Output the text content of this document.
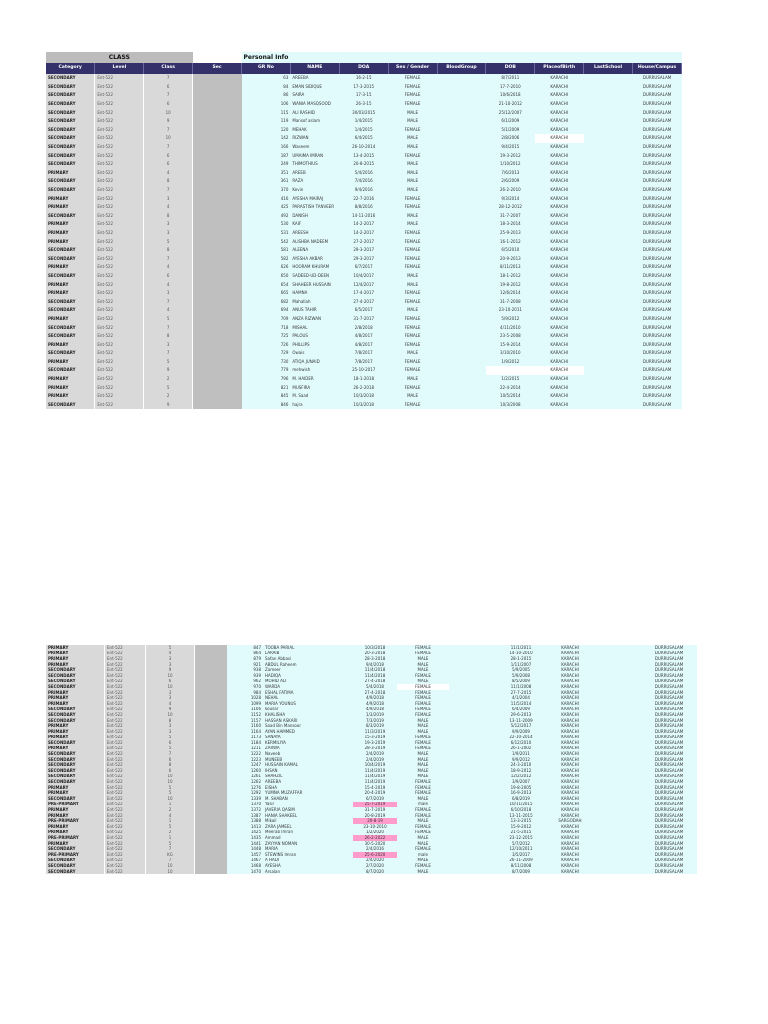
CLASS				Personal Info								
Category	Level	Class	Sec	GR No	NAME	DOA	Sex / Gender	BloodGroup	DOB	PlaceofBirth	LastSchool	House/Campus
SECONDARY	Ent-522	7		63	AREEBA	16-2-15	FEMALE		8/7/2011	KARACHI		DURRUSALAM
SECONDARY	Ent-522	6		84	EMAN SIDIQUE	17-3-2015	FEMALE		17-7-2010	KARACHI		DURRUSALAM
SECONDARY	Ent-522	7		86	SAIRA	17-3-15	FEMALE		10/6/2018	KARACHI		DURRUSALAM
SECONDARY	Ent-522	6		106	WANIA MASQSOOD	26-3-15	FEMALE		21-10-2012	KARACHI		DURRUSALAM
SECONDARY	Ent-522	10		115	ALI RASHID	30/03/2015	MALE		25/12/2007	KARACHI		DURRUSALAM
SECONDARY	Ent-522	9		119	Mansof aslam	1/4/2015	MALE		6/1/2009	KARACHI		DURRUSALAM
SECONDARY	Ent-522	7		120	MEHAK	1/4/2015	FEMALE		5/1/2009	KARACHI		DURRUSALAM
SECONDARY	Ent-522	10		142	RIZWAN	6/4/2015	MALE		2/8/2006	KARACHI		DURRUSALAM
SECONDARY	Ent-522	7		166	Waseem	26-10-2014	MALE		9/4/2015	KARACHI		DURRUSALAM
SECONDARY	Ent-522	6		187	UMAIMA IMRAN	13-4-2015	FEMALE		19-3-2012	KARACHI		DURRUSALAM
SECONDARY	Ent-522	6		249	THIMOTHIUS	20-8-2015	MALE		1/10/2012	KARACHI		DURRUSALAM
PRIMARY	Ent-522	4		351	AREEB	5/4/2016	MALE		7/6/2013	KARACHI		DURRUSALAM
SECONDARY	Ent-522	8		361	RAZA	7/4/2016	MALE		2/6/2009	KARACHI		DURRUSALAM
SECONDARY	Ent-522	7		370	Kevin	9/4/2016	MALE		26-2-2010	KARACHI		DURRUSALAM
PRIMARY	Ent-522	3		416	AYESHA MAIRAJ	22-7-2016	FEMALE		9/3/2014	KARACHI		DURRUSALAM
PRIMARY	Ent-522	4		425	PARASTISH TANVEER	8/8/2016	FEMALE		28-12-2012	KARACHI		DURRUSALAM
SECONDARY	Ent-522	8		492	DANISH	14-11-2016	MALE		31-7-2007	KARACHI		DURRUSALAM
PRIMARY	Ent-522	3		530	KAIF	14-2-2017	MALE		18-3-2014	KARACHI		DURRUSALAM
PRIMARY	Ent-522	3		531	AREESH	14-2-2017	FEMALE		25-9-2013	KARACHI		DURRUSALAM
PRIMARY	Ent-522	5		542	ALISHBA NADEEM	27-2-2017	FEMALE		16-1-2012	KARACHI		DURRUSALAM
SECONDARY	Ent-522	8		581	ALEENA	29-3-2017	FEMALE		6/5/2010	KARACHI		DURRUSALAM
SECONDARY	Ent-522	7		582	AYESHA AKBAR	29-3-2017	FEMALE		20-9-2013	KARACHI		DURRUSALAM
PRIMARY	Ent-522	4		626	HOORAM KHURAM	6/7/2017	FEMALE		8/11/2013	KARACHI		DURRUSALAM
SECONDARY	Ent-522	6		650	SADEED-UD-DEEN	10/4/2017	MALE		18-1-2012	KARACHI		DURRUSALAM
PRIMARY	Ent-522	4		654	SHAHEER HUSSAIN	12/4/2017	MALE		19-8-2012	KARACHI		DURRUSALAM
PRIMARY	Ent-522	3		665	HAMNA	17-4-2017	FEMALE		12/6/2014	KARACHI		DURRUSALAM
SECONDARY	Ent-522	7		682	Mahallah	27-4-2017	FEMALE		31-7-2008	KARACHI		DURRUSALAM
SECONDARY	Ent-522	4		694	ANUS TAHIR	6/5/2017	MALE		23-10-2011	KARACHI		DURRUSALAM
PRIMARY	Ent-522	5		709	ANZA RIZWAN	31-7-2017	FEMALE		5/9/2012	KARACHI		DURRUSALAM
SECONDARY	Ent-522	7		718	MISHAL	2/8/2018	FEMALE		4/11/2010	KARACHI		DURRUSALAM
SECONDARY	Ent-522	8		725	PALOUS	4/8/2017	FEMALE		23-5-2008	KARACHI		DURRUSALAM
PRIMARY	Ent-522	3		726	PHILLIPS	4/8/2017	FEMALE		15-9-2014	KARACHI		DURRUSALAM
SECONDARY	Ent-522	7		729	Owais	7/8/2017	MALE		3/10/2010	KARACHI		DURRUSALAM
PRIMARY	Ent-522	5		730	ATIQA JUNAID	7/8/2017	FEMALE		1/9/2012	KARACHI		DURRUSALAM
SECONDARY	Ent-522	9		779	mehwish	25-10-2017	FEMALE			KARACHI		DURRUSALAM
PRIMARY	Ent-522	2		796	M. HAIDER	18-1-2018	MALE		1/2/2015	KARACHI		DURRUSALAM
PRIMARY	Ent-522	5		821	MUSFIRA	26-2-2018	FEMALE		22-4-2014	KARACHI		DURRUSALAM
PRIMARY	Ent-522	2		845	M. Saad	10/3/2018	MALE		10/5/2014	KARACHI		DURRUSALAM
SECONDARY	Ent-522	9		846	hajra	10/3/2018	FEMALE		10/3/2008	KARACHI		DURRUSALAM
PRIMARY	Ent-522	5		847	TOOBA PARIAL	10/3/2018	FEMALE		11/1/2011	KARACHI		DURRUSALAM
PRIMARY	Ent-522	4		864	LARAIB	20-3-2018	FEMALE		14-10-2010	KARACHI		DURRUSALAM
PRIMARY	Ent-522	3		879	Safan Abbasi	28-3-2018	MALE		28-1-2015	KARACHI		DURRUSALAM
PRIMARY	Ent-522	3		921	ABDUL Raheem	9/4/2018	MALE		1/11/2007	KARACHI		DURRUSALAM
SECONDARY	Ent-522	9		938	Zameer	11/4/2018	MALE		5/9/2005	KARACHI		DURRUSALAM
SECONDARY	Ent-522	10		939	HADIQA	11/4/2018	FEMALE		5/9/2008	KARACHI		DURRUSALAM
SECONDARY	Ent-522	6		962	MOHID ALI	27-4-2018	MALE		8/5/2009	KARACHI		DURRUSALAM
SECONDARY	Ent-522	10		970	WARDA	5/4/2018	FEMALE		11/1/2008	KARACHI		DURRUSALAM
PRIMARY	Ent-522	3		984	ESHAL FATIMA	27-4-2018	FEMALE		27-7-2015	KARACHI		DURRUSALAM
PRIMARY	Ent-522	3		1028	NEHAL	4/9/2018	FEMALE		4/1/2004	KARACHI		DURRUSALAM
PRIMARY	Ent-522	4		1099	MARIA YOUNUS	4/9/2018	FEMALE		11/5/2014	KARACHI		DURRUSALAM
SECONDARY	Ent-522	9		1106	kousar	4/9/2018	FEMALE		6/4/2009	KARACHI		DURRUSALAM
SECONDARY	Ent-522	10		1152	KHALISHA	1/3/2019	FEMALE		29-6-2013	KARACHI		DURRUSALAM
SECONDARY	Ent-522	8		1157	HASSAN ASKARI	7/3/2019	MALE		13-11-2009	KARACHI		DURRUSALAM
PRIMARY	Ent-522	3		1160	Saad Bin Mansoor	8/3/2019	MALE		5/12/2017	KARACHI		DURRUSALAM
PRIMARY	Ent-522	3		1164	AYAN HAMMED	11/3/2019	MALE		9/9/2009	KARACHI		DURRUSALAM
PRIMARY	Ent-522	5		1173	SANAYA	15-3-2019	FEMALE		22-10-2014	KARACHI		DURRUSALAM
SECONDARY	Ent-522	6		1184	KERMILIYA	19-3-2019	FEMALE		6/12/2010	KARACHI		DURRUSALAM
PRIMARY	Ent-522	5		1211	ZARWA	28-3-2019	FEMALE		26-1-2002	KARACHI		DURRUSALAM
SECONDARY	Ent-522	7		1222	Naveeb	2/4/2019	MALE		1/9/2011	KARACHI		DURRUSALAM
SECONDARY	Ent-522	6		1223	MUNEEB	2/4/2019	MALE		9/9/2012	KARACHI		DURRUSALAM
SECONDARY	Ent-522	8		1247	HUSSAIN KAMAL	10/4/2019	MALE		24-3-2010	KARACHI		DURRUSALAM
SECONDARY	Ent-522	6		1260	IHSAN	11/4/2019	MALE		18-9-2012	KARACHI		DURRUSALAM
SECONDARY	Ent-522	10		1261	SHAHZIL	11/4/2019	MALE		12/2/2012	KARACHI		DURRUSALAM
SECONDARY	Ent-522	10		1262	AREEBA	11/4/2019	FEMALE		3/9/2007	KARACHI		DURRUSALAM
PRIMARY	Ent-522	5		1276	EISHA	15-4-2019	FEMALE		19-8-2005	KARACHI		DURRUSALAM
PRIMARY	Ent-522	5		1292	YUMNA MUZAFFAR	20-4-2019	FEMALE		16-9-2013	KARACHI		DURRUSALAM
SECONDARY	Ent-522	10		1339	M. SHABAN	6/7/2019	MALE		6/8/2019	KARACHI		DURRUSALAM
PRE-PRIMARY	Ent-522	1		1370	Yasir	25-7-2019	male		10/11/2015	KARACHI		DURRUSALAM
PRIMARY	Ent-522	2		1372	JAVERIA QASIM	31-7-2019	FEMALE		6/10/2018	KARACHI		DURRUSALAM
PRIMARY	Ent-522	4		1387	HANIA SHAKEEL	20-8-2019	FEMALE		13-11-2015	KARACHI		DURRUSALAM
PRE-PRIMARY	Ent-522	1		1388	Mikail	20-8-19	MALE		13-3-2015	SARGODAH		DURRUSALAM
PRIMARY	Ent-522	5		1413	ZARA JAMEEL	23-10-2010	FEMALE		15-9-2012	KARACHI		DURRUSALAM
PRIMARY	Ent-522	2		1425	Meerab Imran	1/2/2020	FEMALE		21-5-2015	KARACHI		DURRUSALAM
PRE-PRIMARY	Ent-522	1		1435	Ammad	26-2-2022	MALE		23-12-2015	KARACHI		DURRUSALAM
PRIMARY	Ent-522	5		1441	ZAYYAN NOMAN	30-5-2020	MALE		5/7/2012	KARACHI		DURRUSALAM
SECONDARY	Ent-522	7		1448	MARIA	2/4/2016	FEMALE		12/10/2011	KARACHI		DURRUSALAM
PRE-PRIMARY	Ent-522	KG		1457	STEWINS Imran	25-6-2020	male		3/5/2017	KARACHI		DURRUSALAM
SECONDARY	Ent-522	7		1467	A HADI	2/4/2020	MALE		26-11-2009	KARACHI		DURRUSALAM
SECONDARY	Ent-522	10		1468	AYESHA	2/7/2020	FEMALE		8/11/2008	KARACHI		DURRUSALAM
SECONDARY	Ent-522	10		1470	Arsalan	8/7/2020	MALE		8/7/2009	KARACHI		DURRUSALAM
